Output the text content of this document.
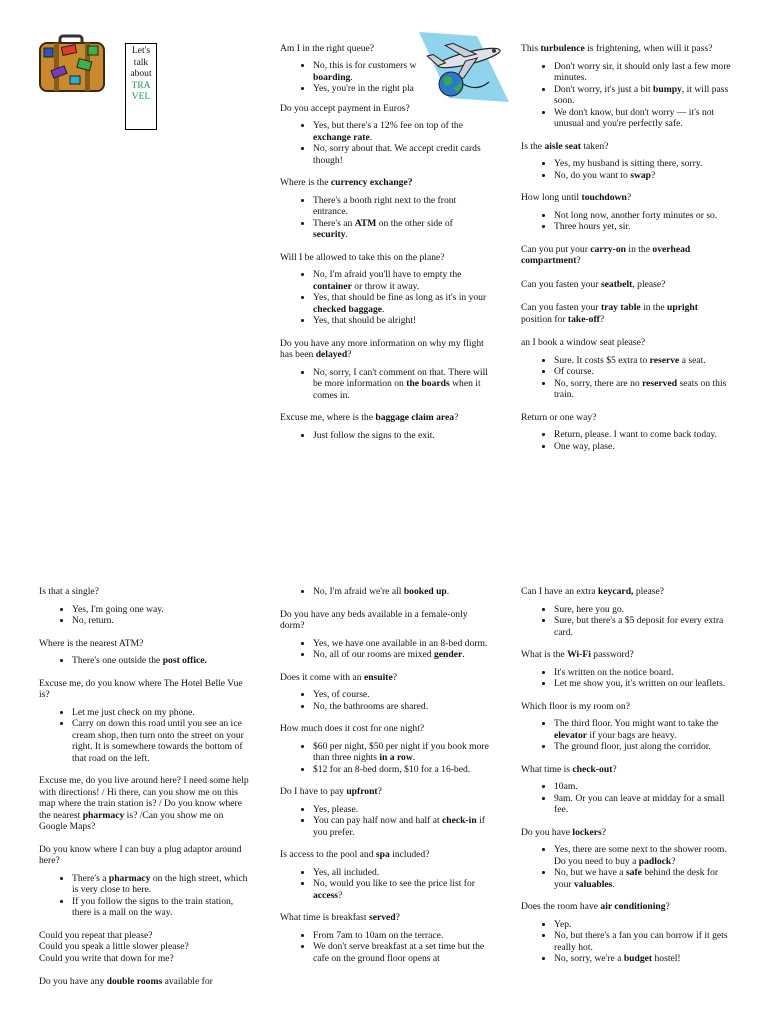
Let's
talk
about
TRA
VEL
Am I in the right queue?
Do you accept payment in Euros?
• Yes, but there's a 12% fee on top of the exchange rate.
• No, sorry about that. We accept credit cards though!
Where is the currency exchange?
• There's a booth right next to the front entrance.
• There's an ATM on the other side of security.
Will I be allowed to take this on the plane?
• No, I'm afraid you'll have to empty the container or throw it away.
• Yes, that should be fine as long as it's in your checked baggage.
• Yes, that should be alright!
Do you have any more information on why my flight has been delayed?
• No, sorry, I can't comment on that. There will be more information on the boards when it comes in.
Excuse me, where is the baggage claim area?
• Just follow the signs to the exit.
• No, this is for customers w
boarding.
• Yes, you're in the right pla
This turbulence is frightening, when will it pass?
• Don't worry sir, it should only last a few more minutes.
• Don't worry, it's just a bit bumpy, it will pass soon.
• We don't know, but don't worry — it's not unusual and you're perfectly safe.
Is the aisle seat taken?
• Yes, my husband is sitting there, sorry.
• No, do you want to swap?
How long until touchdown?
• Not long now, another forty minutes or so.
• Three hours yet, sir.
Can you put your carry-on in the overhead compartment?
Can you fasten your seatbelt, please?
Can you fasten your tray table in the upright position for take-off?
an I book a window seat please?
• Sure. It costs $5 extra to reserve a seat.
• Of course.
• No, sorry, there are no reserved seats on this train.
Return or one way?
• Return, please. I want to come back today.
• One way, plase.
Is that a single?
• Yes, I'm going one way.
• No, return.
Where is the nearest ATM?
• There's one outside the post office.
Excuse me, do you know where The Hotel Belle Vue is?
• Let me just check on my phone.
• Carry on down this road until you see an ice cream shop, then turn onto the street on your right. It is somewhere towards the bottom of that road on the left.
Excuse me, do you live around here? I need some help with directions! / Hi there, can you show me on this map where the train station is? / Do you know where the nearest pharmacy is? /Can you show me on Google Maps?
Do you know where I can buy a plug adaptor around here?
• There's a pharmacy on the high street, which is very close to here.
• If you follow the signs to the train station, there is a mall on the way.
Could you repeat that please?
Could you speak a little slower please?
Could you write that down for me?
Do you have any double rooms available for
• No, I'm afraid we're all booked up.
Do you have any beds available in a female-only dorm?
• Yes, we have one available in an 8-bed dorm.
• No, all of our rooms are mixed gender.
Does it come with an ensuite?
• Yes, of course.
• No, the bathrooms are shared.
How much does it cost for one night?
• $60 per night, $50 per night if you book more than three nights in a row.
• $12 for an 8-bed dorm, $10 for a 16-bed.
Do I have to pay upfront?
• Yes, please.
• You can pay half now and half at check-in if you prefer.
Is access to the pool and spa included?
• Yes, all included.
• No, would you like to see the price list for access?
What time is breakfast served?
• From 7am to 10am on the terrace.
• We don't serve breakfast at a set time but the cafe on the ground floor opens at
Can I have an extra keycard, please?
• Sure, here you go.
• Sure, but there's a $5 deposit for every extra card.
What is the Wi-Fi password?
• It's written on the notice board.
• Let me show you, it's written on our leaflets.
Which floor is my room on?
• The third floor. You might want to take the elevator if your bags are heavy.
• The ground floor, just along the corridor.
What time is check-out?
• 10am.
• 9am. Or you can leave at midday for a small fee.
Do you have lockers?
• Yes, there are some next to the shower room. Do you need to buy a padlock?
• No, but we have a safe behind the desk for your valuables.
Does the room have air conditioning?
• Yep.
• No, but there's a fan you can borrow if it gets really hot.
• No, sorry, we're a budget hostel!
